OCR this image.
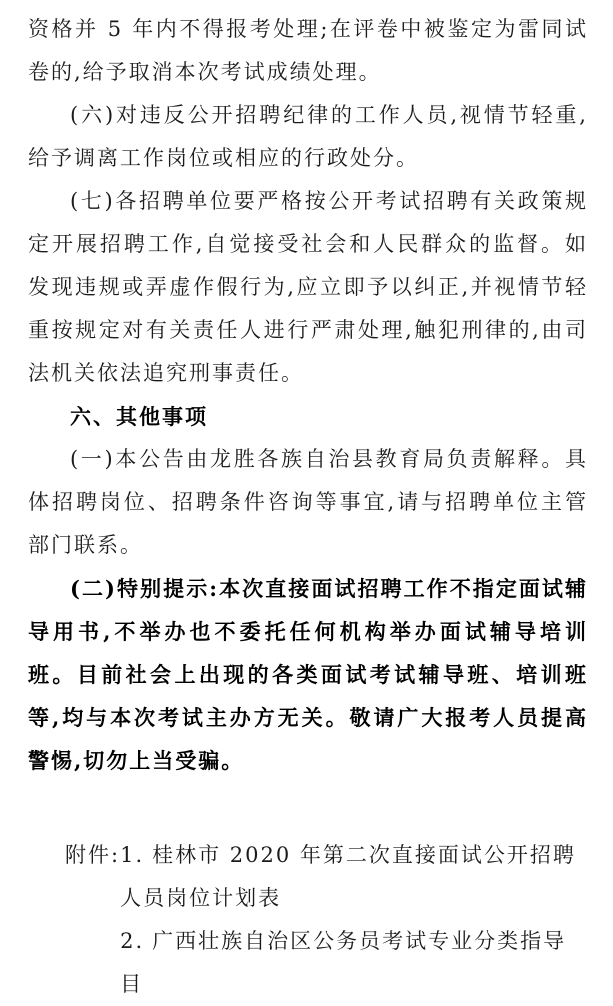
资格并 5 年内不得报考处理;在评卷中被鉴定为雷同试卷的,给予取消本次考试成绩处理。

(六)对违反公开招聘纪律的工作人员,视情节轻重,给予调离工作岗位或相应的行政处分。

(七)各招聘单位要严格按公开考试招聘有关政策规定开展招聘工作,自觉接受社会和人民群众的监督。如发现违规或弄虚作假行为,应立即予以纠正,并视情节轻重按规定对有关责任人进行严肃处理,触犯刑律的,由司法机关依法追究刑事责任。

六、其他事项

(一)本公告由龙胜各族自治县教育局负责解释。具体招聘岗位、招聘条件咨询等事宜,请与招聘单位主管部门联系。

(二)特别提示:本次直接面试招聘工作不指定面试辅导用书,不举办也不委托任何机构举办面试辅导培训班。目前社会上出现的各类面试考试辅导班、培训班等,均与本次考试主办方无关。敬请广大报考人员提高警惕,切勿上当受骗。

附件: 1. 桂林市 2020 年第二次直接面试公开招聘人员岗位计划表
2. 广西壮族自治区公务员考试专业分类指导目
